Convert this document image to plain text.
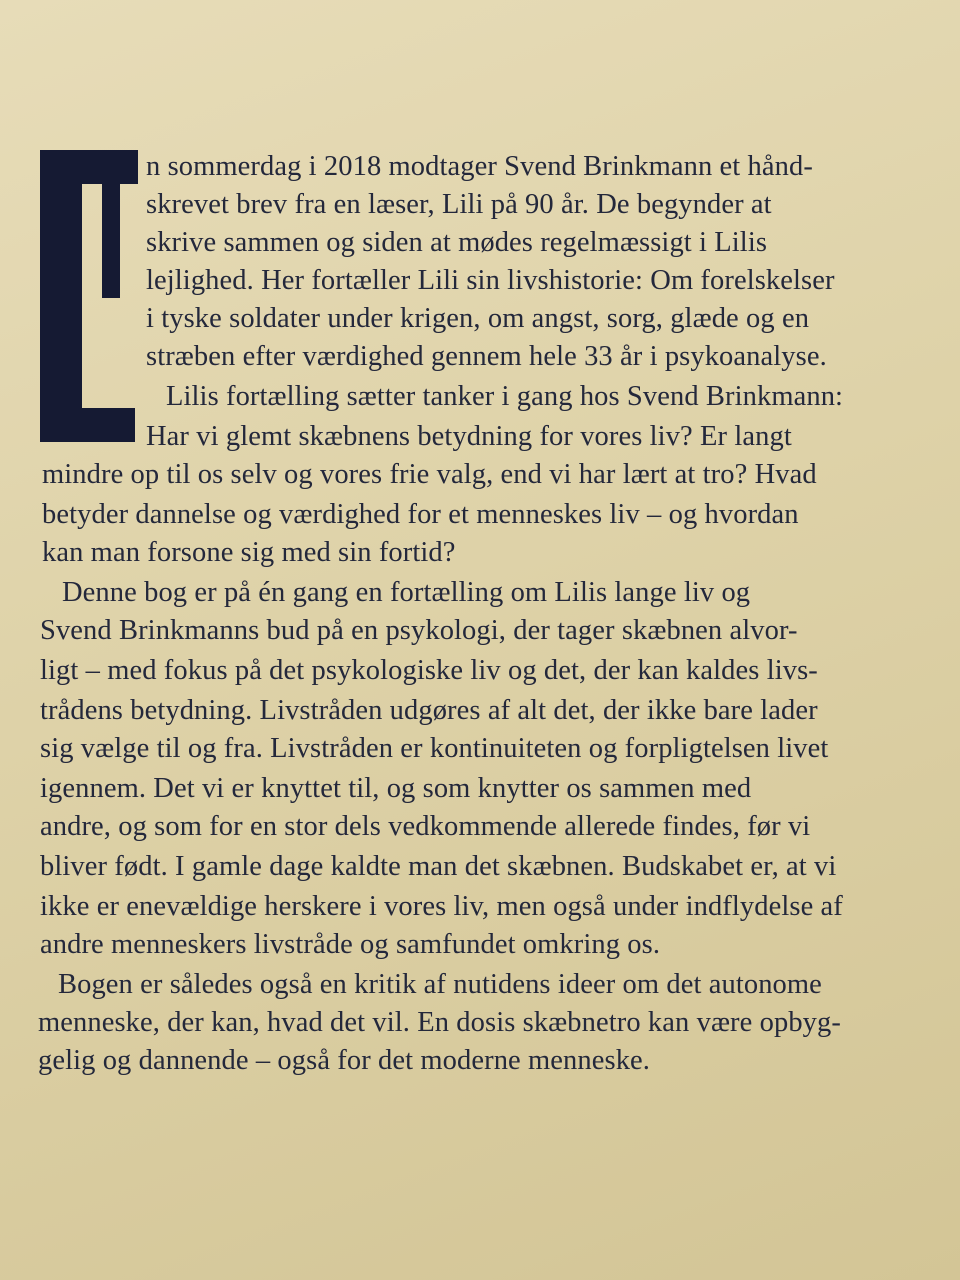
n sommerdag i 2018 modtager Svend Brinkmann et hånd-
skrevet brev fra en læser, Lili på 90 år. De begynder at
skrive sammen og siden at mødes regelmæssigt i Lilis
lejlighed. Her fortæller Lili sin livshistorie: Om forelskelser
i tyske soldater under krigen, om angst, sorg, glæde og en
stræben efter værdighed gennem hele 33 år i psykoanalyse.
Lilis fortælling sætter tanker i gang hos Svend Brinkmann:
Har vi glemt skæbnens betydning for vores liv? Er langt
mindre op til os selv og vores frie valg, end vi har lært at tro? Hvad
betyder dannelse og værdighed for et menneskes liv – og hvordan
kan man forsone sig med sin fortid?
Denne bog er på én gang en fortælling om Lilis lange liv og
Svend Brinkmanns bud på en psykologi, der tager skæbnen alvor-
ligt – med fokus på det psykologiske liv og det, der kan kaldes livs-
trådens betydning. Livstråden udgøres af alt det, der ikke bare lader
sig vælge til og fra. Livstråden er kontinuiteten og forpligtelsen livet
igennem. Det vi er knyttet til, og som knytter os sammen med
andre, og som for en stor dels vedkommende allerede findes, før vi
bliver født. I gamle dage kaldte man det skæbnen. Budskabet er, at vi
ikke er enevældige herskere i vores liv, men også under indflydelse af
andre menneskers livstråde og samfundet omkring os.
Bogen er således også en kritik af nutidens ideer om det autonome
menneske, der kan, hvad det vil. En dosis skæbnetro kan være opbyg-
gelig og dannende – også for det moderne menneske.
